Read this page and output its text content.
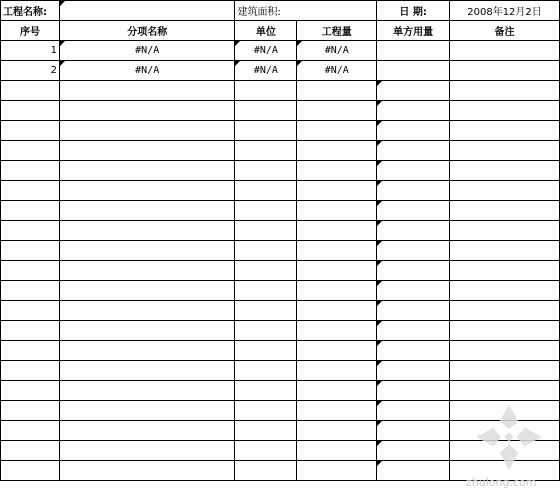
工程名称:		建筑面积:		日 期:	2008年12月2日
序号	分项名称	单位	工程量	单方用量	备注
1	#N/A	#N/A	#N/A		
2	#N/A	#N/A	#N/A		

zhulong.com
